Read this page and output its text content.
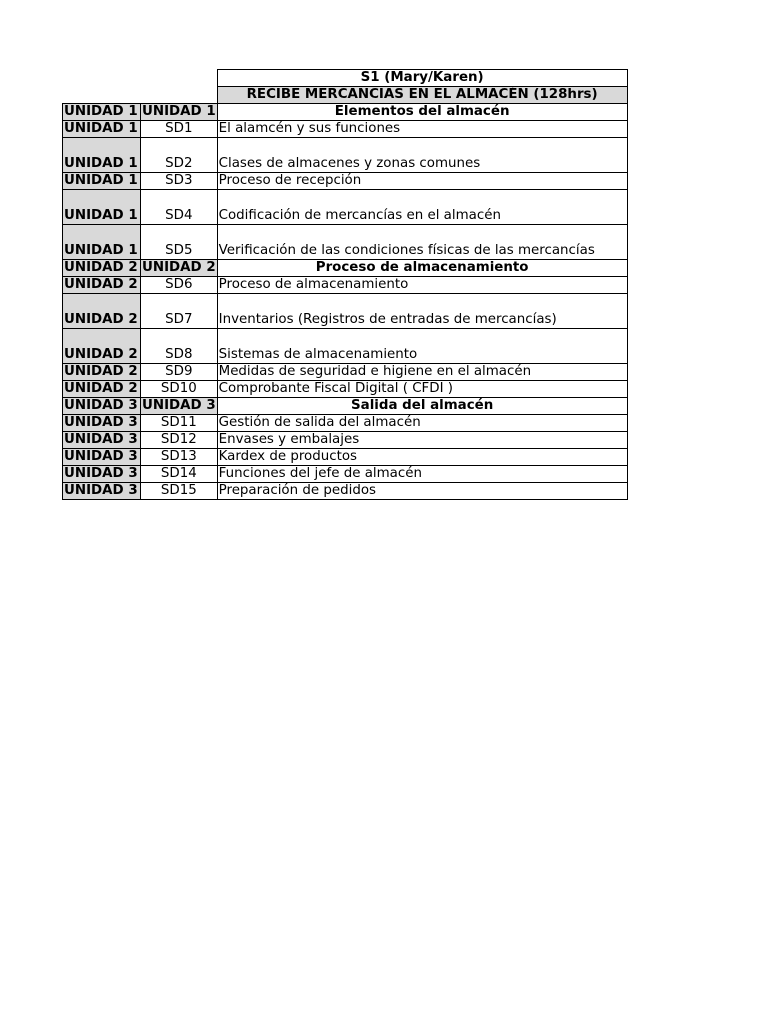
		S1 (Mary/Karen)
		RECIBE MERCANCIAS EN EL ALMACÉN (128hrs)
UNIDAD 1	UNIDAD 1	Elementos del almacén
UNIDAD 1	SD1	El alamcén y sus funciones
UNIDAD 1	SD2	Clases de almacenes y zonas comunes
UNIDAD 1	SD3	Proceso de recepción
UNIDAD 1	SD4	Codificación de mercancías en el almacén
UNIDAD 1	SD5	Verificación de las condiciones físicas de las mercancías
UNIDAD 2	UNIDAD 2	Proceso de almacenamiento
UNIDAD 2	SD6	Proceso de almacenamiento
UNIDAD 2	SD7	Inventarios (Registros de entradas de mercancías)
UNIDAD 2	SD8	Sistemas de almacenamiento
UNIDAD 2	SD9	Medidas de seguridad e higiene en el almacén
UNIDAD 2	SD10	Comprobante Fiscal Digital ( CFDI )
UNIDAD 3	UNIDAD 3	Salida del almacén
UNIDAD 3	SD11	Gestión de salida del almacén
UNIDAD 3	SD12	Envases y embalajes
UNIDAD 3	SD13	Kardex de productos
UNIDAD 3	SD14	Funciones del jefe de almacén
UNIDAD 3	SD15	Preparación de pedidos
